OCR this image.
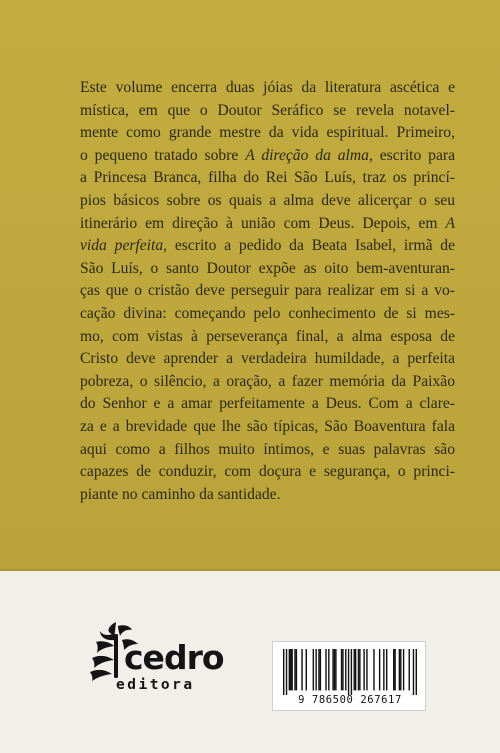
Este volume encerra duas jóias da literatura ascética e
mística, em que o Doutor Seráfico se revela notavel-
mente como grande mestre da vida espiritual. Primeiro,
o pequeno tratado sobre A direção da alma, escrito para
a Princesa Branca, filha do Rei São Luís, traz os princí-
pios básicos sobre os quais a alma deve alicerçar o seu
itinerário em direção à união com Deus. Depois, em A
vida perfeita, escrito a pedido da Beata Isabel, irmã de
São Luís, o santo Doutor expõe as oito bem-aventuran-
ças que o cristão deve perseguir para realizar em si a vo-
cação divina: começando pelo conhecimento de si mes-
mo, com vistas à perseverança final, a alma esposa de
Cristo deve aprender a verdadeira humildade, a perfeita
pobreza, o silêncio, a oração, a fazer memória da Paixão
do Senhor e a amar perfeitamente a Deus. Com a clare-
za e a brevidade que lhe são típicas, São Boaventura fala
aqui como a filhos muito íntimos, e suas palavras são
capazes de conduzir, com doçura e segurança, o princi-
piante no caminho da santidade.

cedro
editora
9 786500 267617
